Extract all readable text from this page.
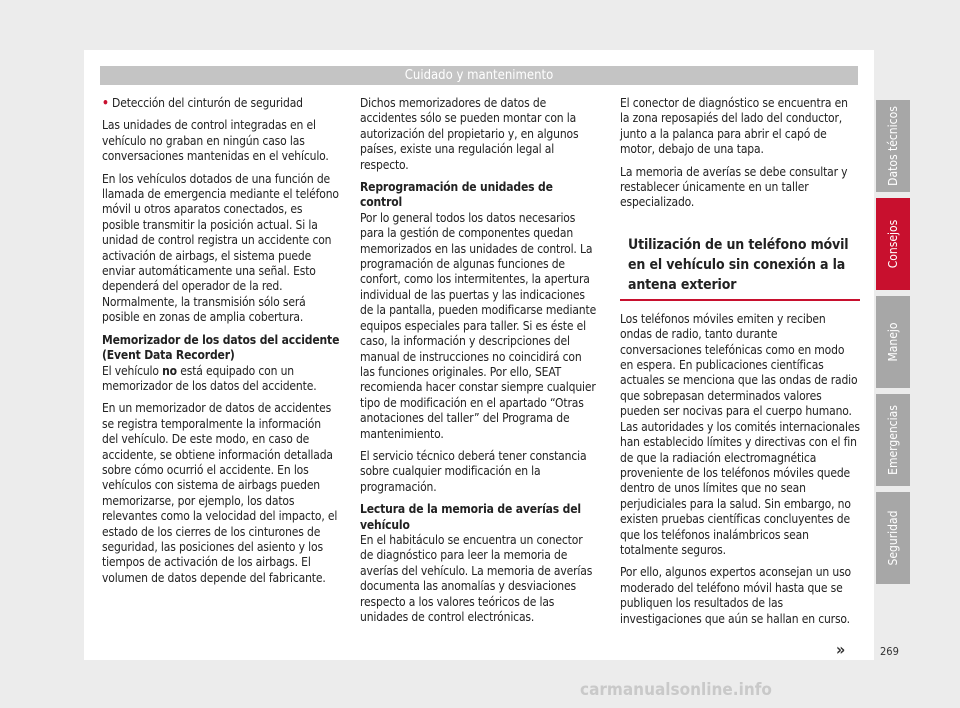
Cuidado y mantenimento

• Detección del cinturón de seguridad

Las unidades de control integradas en el vehículo no graban en ningún caso las conversaciones mantenidas en el vehículo.

En los vehículos dotados de una función de llamada de emergencia mediante el teléfono móvil u otros aparatos conectados, es posible transmitir la posición actual. Si la unidad de control registra un accidente con activación de airbags, el sistema puede enviar automáticamente una señal. Esto dependerá del operador de la red. Normalmente, la transmisión sólo será posible en zonas de amplia cobertura.

Memorizador de los datos del accidente (Event Data Recorder)

El vehículo no está equipado con un memorizador de los datos del accidente.

En un memorizador de datos de accidentes se registra temporalmente la información del vehículo. De este modo, en caso de accidente, se obtiene información detallada sobre cómo ocurrió el accidente. En los vehículos con sistema de airbags pueden memorizarse, por ejemplo, los datos relevantes como la velocidad del impacto, el estado de los cierres de los cinturones de seguridad, las posiciones del asiento y los tiempos de activación de los airbags. El volumen de datos depende del fabricante.

Dichos memorizadores de datos de accidentes sólo se pueden montar con la autorización del propietario y, en algunos países, existe una regulación legal al respecto.

Reprogramación de unidades de control

Por lo general todos los datos necesarios para la gestión de componentes quedan memorizados en las unidades de control. La programación de algunas funciones de confort, como los intermitentes, la apertura individual de las puertas y las indicaciones de la pantalla, pueden modificarse mediante equipos especiales para taller. Si es éste el caso, la información y descripciones del manual de instrucciones no coincidirá con las funciones originales. Por ello, SEAT recomienda hacer constar siempre cualquier tipo de modificación en el apartado “Otras anotaciones del taller” del Programa de mantenimiento.

El servicio técnico deberá tener constancia sobre cualquier modificación en la programación.

Lectura de la memoria de averías del vehículo

En el habitáculo se encuentra un conector de diagnóstico para leer la memoria de averías del vehículo. La memoria de averías documenta las anomalías y desviaciones respecto a los valores teóricos de las unidades de control electrónicas.

El conector de diagnóstico se encuentra en la zona reposapiés del lado del conductor, junto a la palanca para abrir el capó de motor, debajo de una tapa.

La memoria de averías se debe consultar y restablecer únicamente en un taller especializado.

Utilización de un teléfono móvil en el vehículo sin conexión a la antena exterior

Los teléfonos móviles emiten y reciben ondas de radio, tanto durante conversaciones telefónicas como en modo en espera. En publicaciones científicas actuales se menciona que las ondas de radio que sobrepasan determinados valores pueden ser nocivas para el cuerpo humano. Las autoridades y los comités internacionales han establecido límites y directivas con el fin de que la radiación electromagnética proveniente de los teléfonos móviles quede dentro de unos límites que no sean perjudiciales para la salud. Sin embargo, no existen pruebas científicas concluyentes de que los teléfonos inalámbricos sean totalmente seguros.

Por ello, algunos expertos aconsejan un uso moderado del teléfono móvil hasta que se publiquen los resultados de las investigaciones que aún se hallan en curso.

Datos técnicos
Consejos
Manejo
Emergencias
Seguridad
»	269
carmanualsonline.info
